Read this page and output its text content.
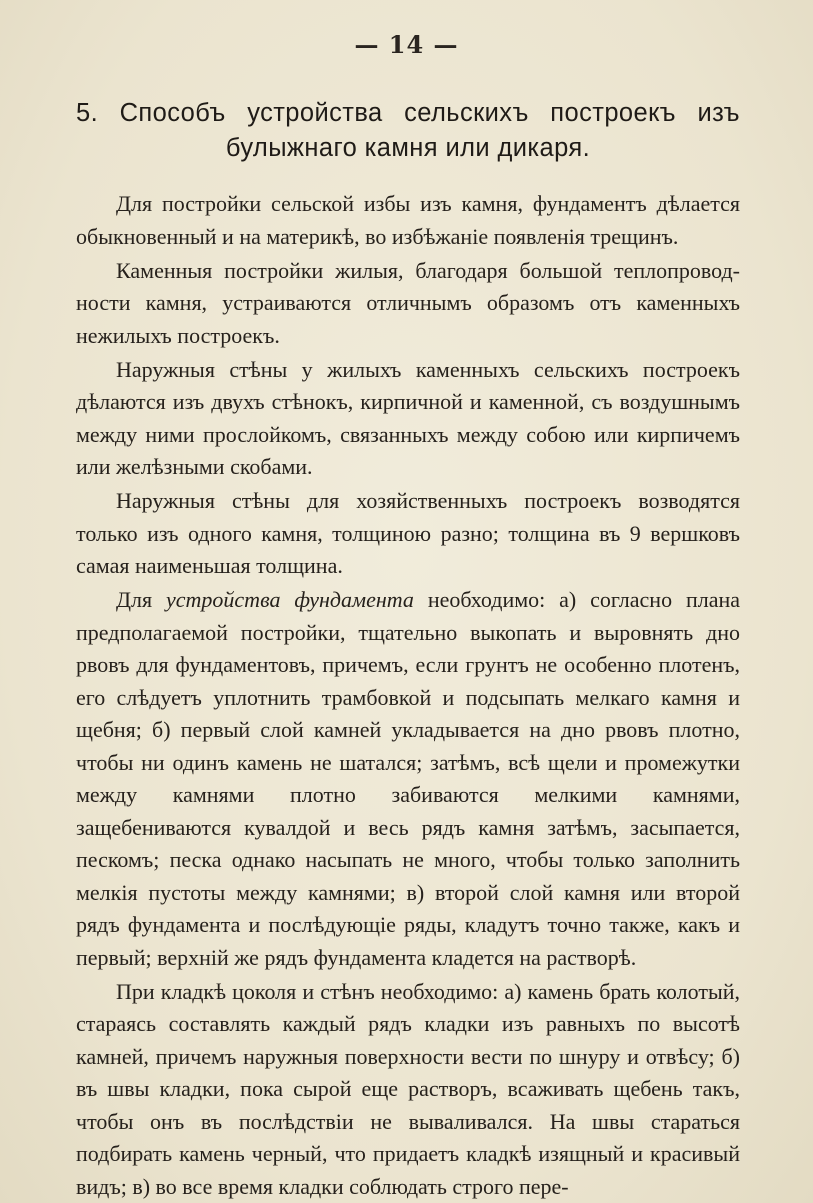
— 14 —
5. Способъ устройства сельскихъ построекъ изъ
булыжнаго камня или дикаря.

Для постройки сельской избы изъ камня, фундаментъ дѣлается обыкновенный и на материкѣ, во избѣжаніе появленія трещинъ.

Каменныя постройки жилыя, благодаря большой теплопроводности камня, устраиваются отличнымъ образомъ отъ каменныхъ нежилыхъ построекъ.

Наружныя стѣны у жилыхъ каменныхъ сельскихъ построекъ дѣлаются изъ двухъ стѣнокъ, кирпичной и каменной, съ воздушнымъ между ними прослойкомъ, связанныхъ между собою или кирпичемъ или желѣзными скобами.

Наружныя стѣны для хозяйственныхъ построекъ возводятся только изъ одного камня, толщиною разно; толщина въ 9 вершковъ самая наименьшая толщина.

Для устройства фундамента необходимо: а) согласно плана предполагаемой постройки, тщательно выкопать и выровнять дно рвовъ для фундаментовъ, причемъ, если грунтъ не особенно плотенъ, его слѣдуетъ уплотнить трамбовкой и подсыпать мелкаго камня и щебня; б) первый слой камней укладывается на дно рвовъ плотно, чтобы ни одинъ камень не шатался; затѣмъ, всѣ щели и промежутки между камнями плотно забиваются мелкими камнями, защебениваются кувалдой и весь рядъ камня затѣмъ, засыпается, пескомъ; песка однако насыпать не много, чтобы только заполнить мелкія пустоты между камнями; в) второй слой камня или второй рядъ фундамента и послѣдующіе ряды, кладутъ точно также, какъ и первый; верхній же рядъ фундамента кладется на растворѣ.

При кладкѣ цоколя и стѣнъ необходимо: а) камень брать колотый, стараясь составлять каждый рядъ кладки изъ равныхъ по высотѣ камней, причемъ наружныя поверхности вести по шнуру и отвѣсу; б) въ швы кладки, пока сырой еще растворъ, всаживать щебень такъ, чтобы онъ въ послѣдствіи не вываливался. На швы стараться подбирать камень черный, что придаетъ кладкѣ изящный и красивый видъ; в) во все время кладки соблюдать строго пере-
